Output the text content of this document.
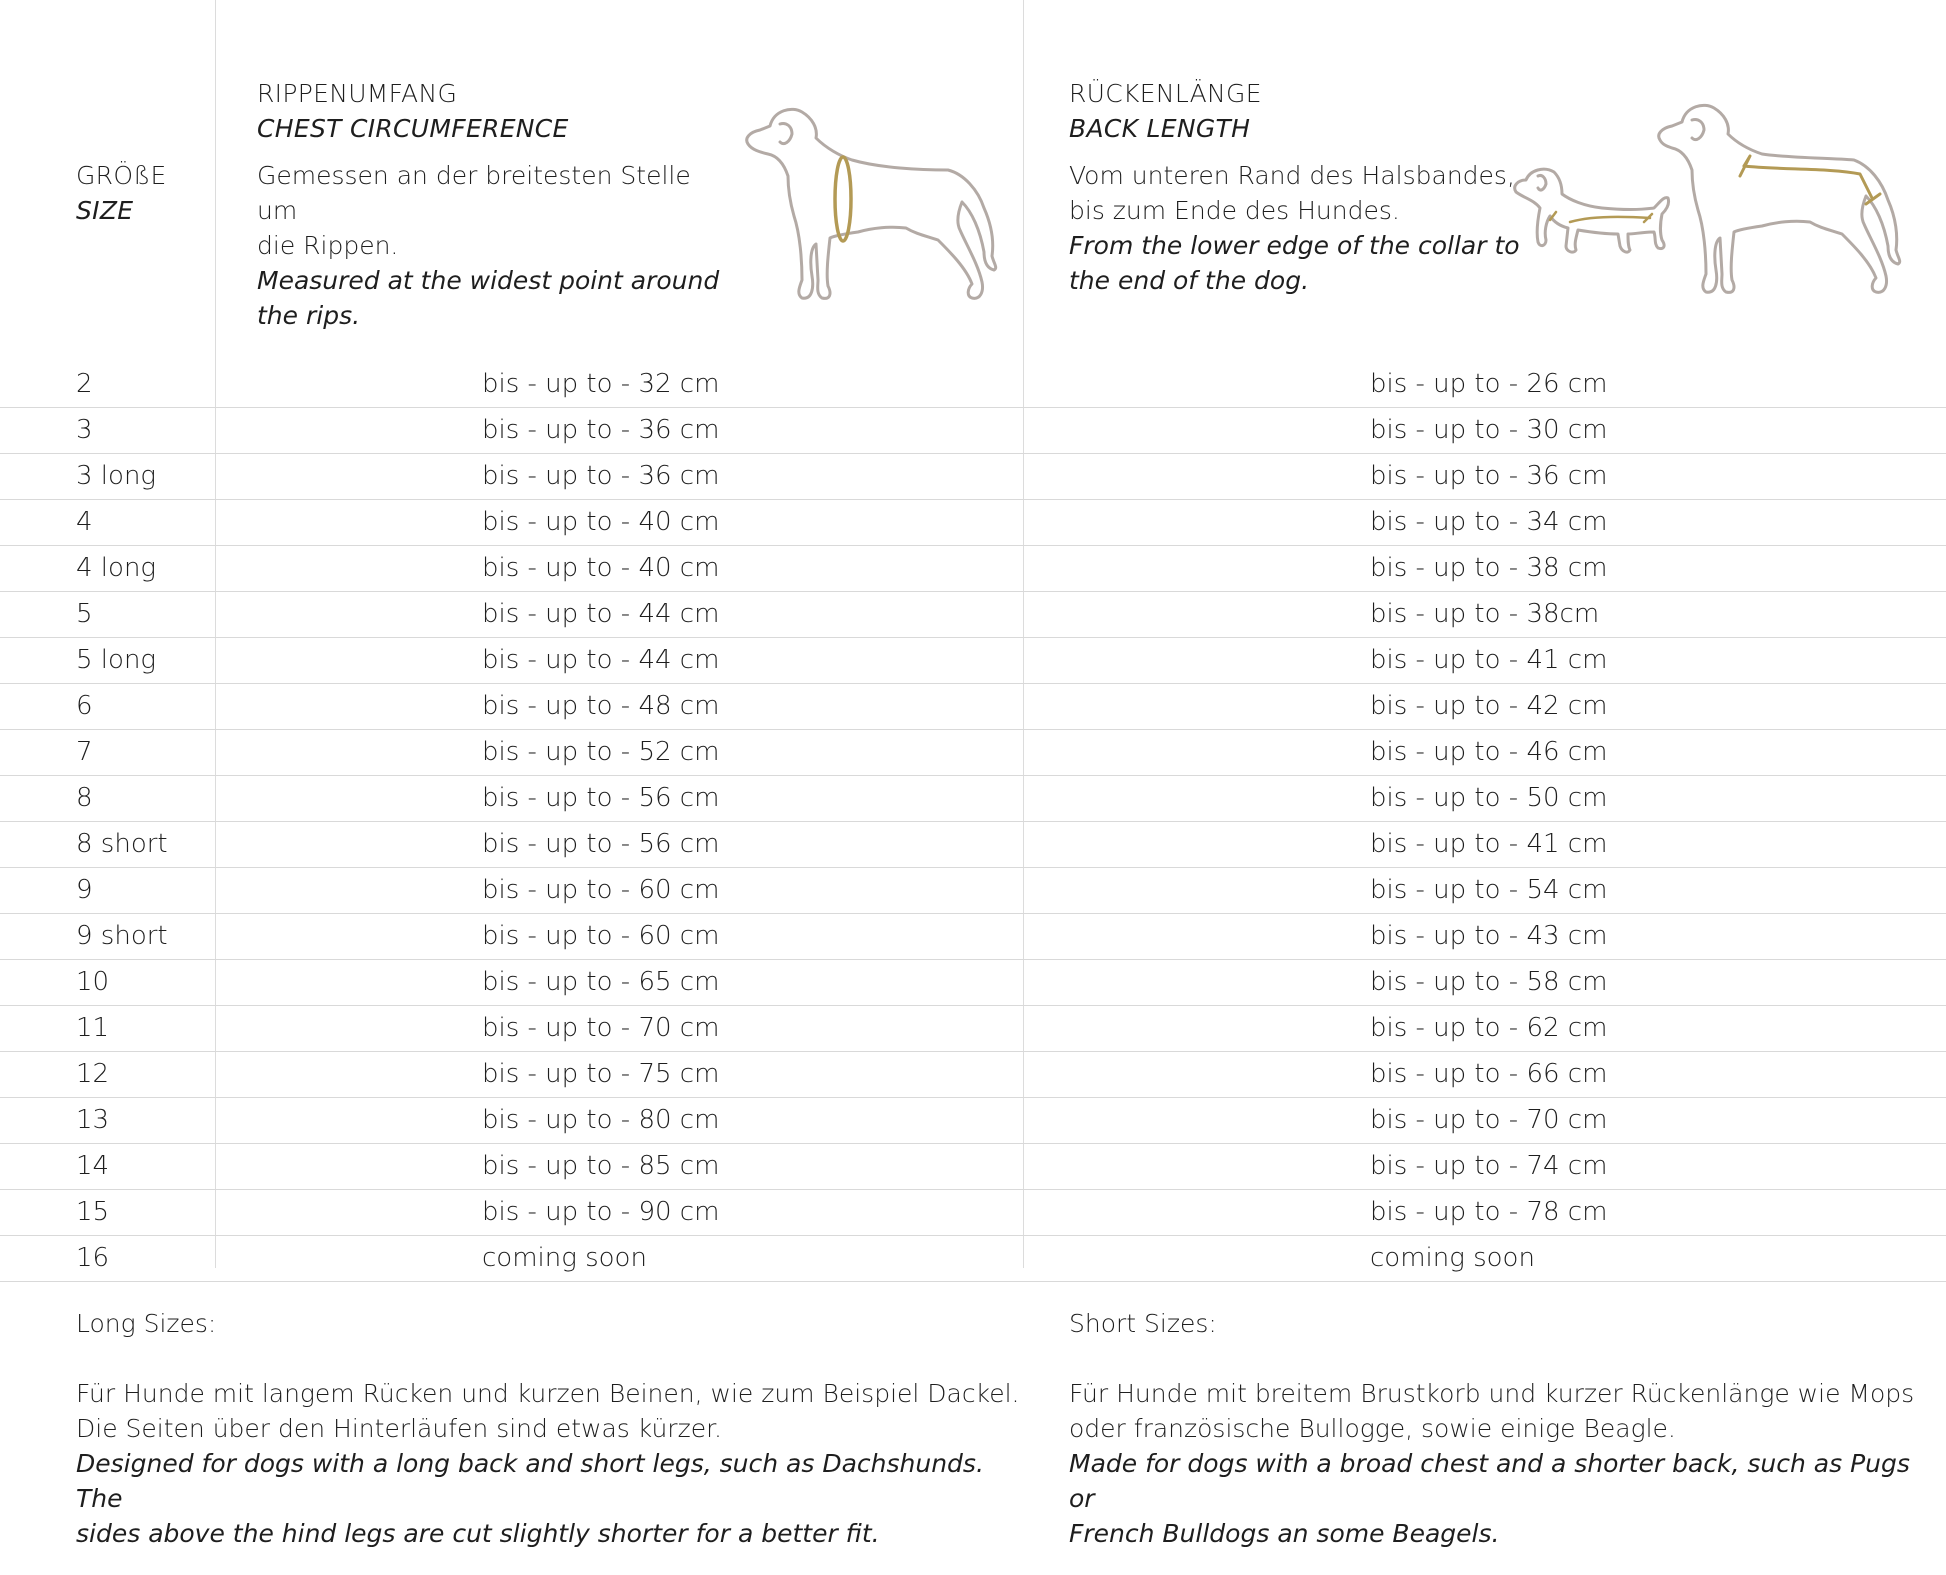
GRÖßE
SIZE
RIPPENUMFANG
CHEST CIRCUMFERENCE
Gemessen an der breitesten Stelle um
die Rippen.
Measured at the widest point around
the rips.
RÜCKENLÄNGE
BACK LENGTH
Vom unteren Rand des Halsbandes,
bis zum Ende des Hundes.
From the lower edge of the collar to
the end of the dog.
2	bis - up to - 32 cm	bis - up to - 26 cm
3	bis - up to - 36 cm	bis - up to - 30 cm
3 long	bis - up to - 36 cm	bis - up to - 36 cm
4	bis - up to - 40 cm	bis - up to - 34 cm
4 long	bis - up to - 40 cm	bis - up to - 38 cm
5	bis - up to - 44 cm	bis - up to - 38cm
5 long	bis - up to - 44 cm	bis - up to - 41 cm
6	bis - up to - 48 cm	bis - up to - 42 cm
7	bis - up to - 52 cm	bis - up to - 46 cm
8	bis - up to - 56 cm	bis - up to - 50 cm
8 short	bis - up to - 56 cm	bis - up to - 41 cm
9	bis - up to - 60 cm	bis - up to - 54 cm
9 short	bis - up to - 60 cm	bis - up to - 43 cm
10	bis - up to - 65 cm	bis - up to - 58 cm
11	bis - up to - 70 cm	bis - up to - 62 cm
12	bis - up to - 75 cm	bis - up to - 66 cm
13	bis - up to - 80 cm	bis - up to - 70 cm
14	bis - up to - 85 cm	bis - up to - 74 cm
15	bis - up to - 90 cm	bis - up to - 78 cm
16	coming soon	coming soon
Long Sizes:
Für Hunde mit langem Rücken und kurzen Beinen, wie zum Beispiel Dackel.
Die Seiten über den Hinterläufen sind etwas kürzer.
Designed for dogs with a long back and short legs, such as Dachshunds. The
sides above the hind legs are cut slightly shorter for a better fit.
Short Sizes:
Für Hunde mit breitem Brustkorb und kurzer Rückenlänge wie Mops
oder französische Bullogge, sowie einige Beagle.
Made for dogs with a broad chest and a shorter back, such as Pugs or
French Bulldogs an some Beagels.
